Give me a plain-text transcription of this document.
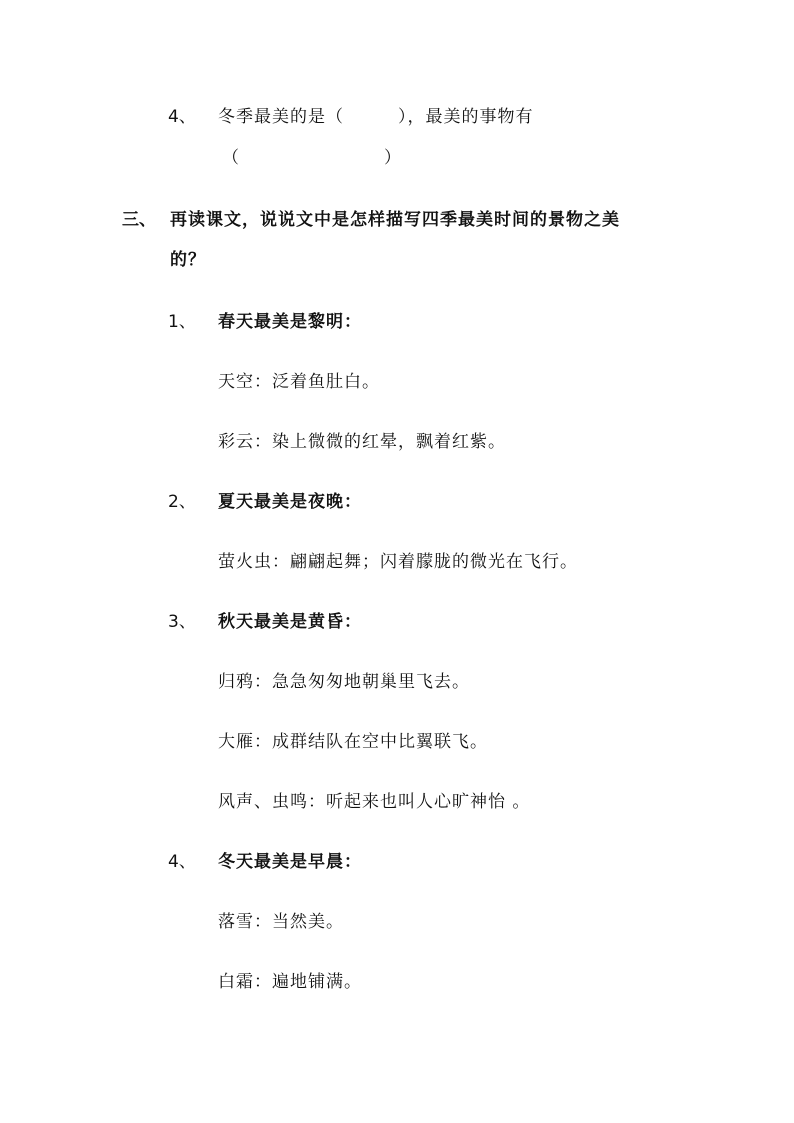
4、 冬季最美的是（　　　），最美的事物有
（　　　　　　　　）
三、 再读课文，说说文中是怎样描写四季最美时间的景物之美
的？
1、 春天最美是黎明：
天空：泛着鱼肚白。
彩云：染上微微的红晕，飘着红紫。
2、 夏天最美是夜晚：
萤火虫：翩翩起舞；闪着朦胧的微光在飞行。
3、 秋天最美是黄昏：
归鸦：急急匆匆地朝巢里飞去。
大雁：成群结队在空中比翼联飞。
风声、虫鸣：听起来也叫人心旷神怡 。
4、 冬天最美是早晨：
落雪：当然美。
白霜：遍地铺满。
